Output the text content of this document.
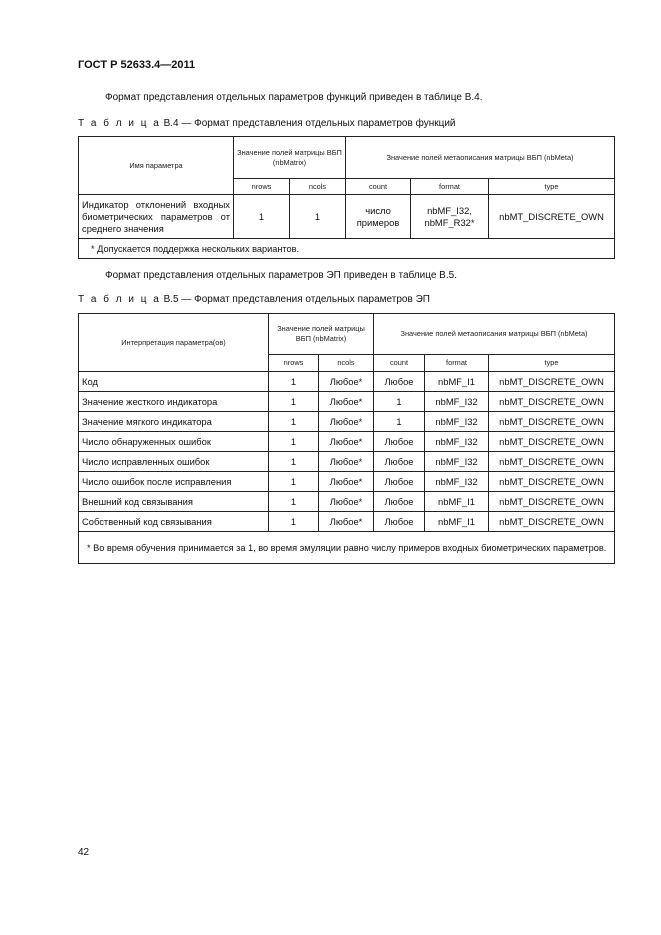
ГОСТ Р 52633.4—2011
Формат представления отдельных параметров функций приведен в таблице В.4.
Т а б л и ц а В.4 — Формат представления отдельных параметров функций
Имя параметра	Значение полей матрицы ВБП (nbMatrix)		Значение полей метаописания матрицы ВБП (nbMeta)		
	nrows	ncols	count	format	type
Индикатор отклонений входных биометрических параметров от среднего значения	1	1	число примеров	nbMF_I32, nbMF_R32*	nbMT_DISCRETE_OWN
* Допускается поддержка нескольких вариантов.					
Формат представления отдельных параметров ЭП приведен в таблице В.5.
Т а б л и ц а В.5 — Формат представления отдельных параметров ЭП
Интерпретация параметра(ов)	Значение полей матрицы ВБП (nbMatrix)		Значение полей метаописания матрицы ВБП (nbMeta)		
	nrows	ncols	count	format	type
Код	1	Любое*	Любое	nbMF_I1	nbMT_DISCRETE_OWN
Значение жесткого индикатора	1	Любое*	1	nbMF_I32	nbMT_DISCRETE_OWN
Значение мягкого индикатора	1	Любое*	1	nbMF_I32	nbMT_DISCRETE_OWN
Число обнаруженных ошибок	1	Любое*	Любое	nbMF_I32	nbMT_DISCRETE_OWN
Число исправленных ошибок	1	Любое*	Любое	nbMF_I32	nbMT_DISCRETE_OWN
Число ошибок после исправления	1	Любое*	Любое	nbMF_I32	nbMT_DISCRETE_OWN
Внешний код связывания	1	Любое*	Любое	nbMF_I1	nbMT_DISCRETE_OWN
Собственный код связывания	1	Любое*	Любое	nbMF_I1	nbMT_DISCRETE_OWN
* Во время обучения принимается за 1, во время эмуляции равно числу примеров входных биометрических параметров.					
42
